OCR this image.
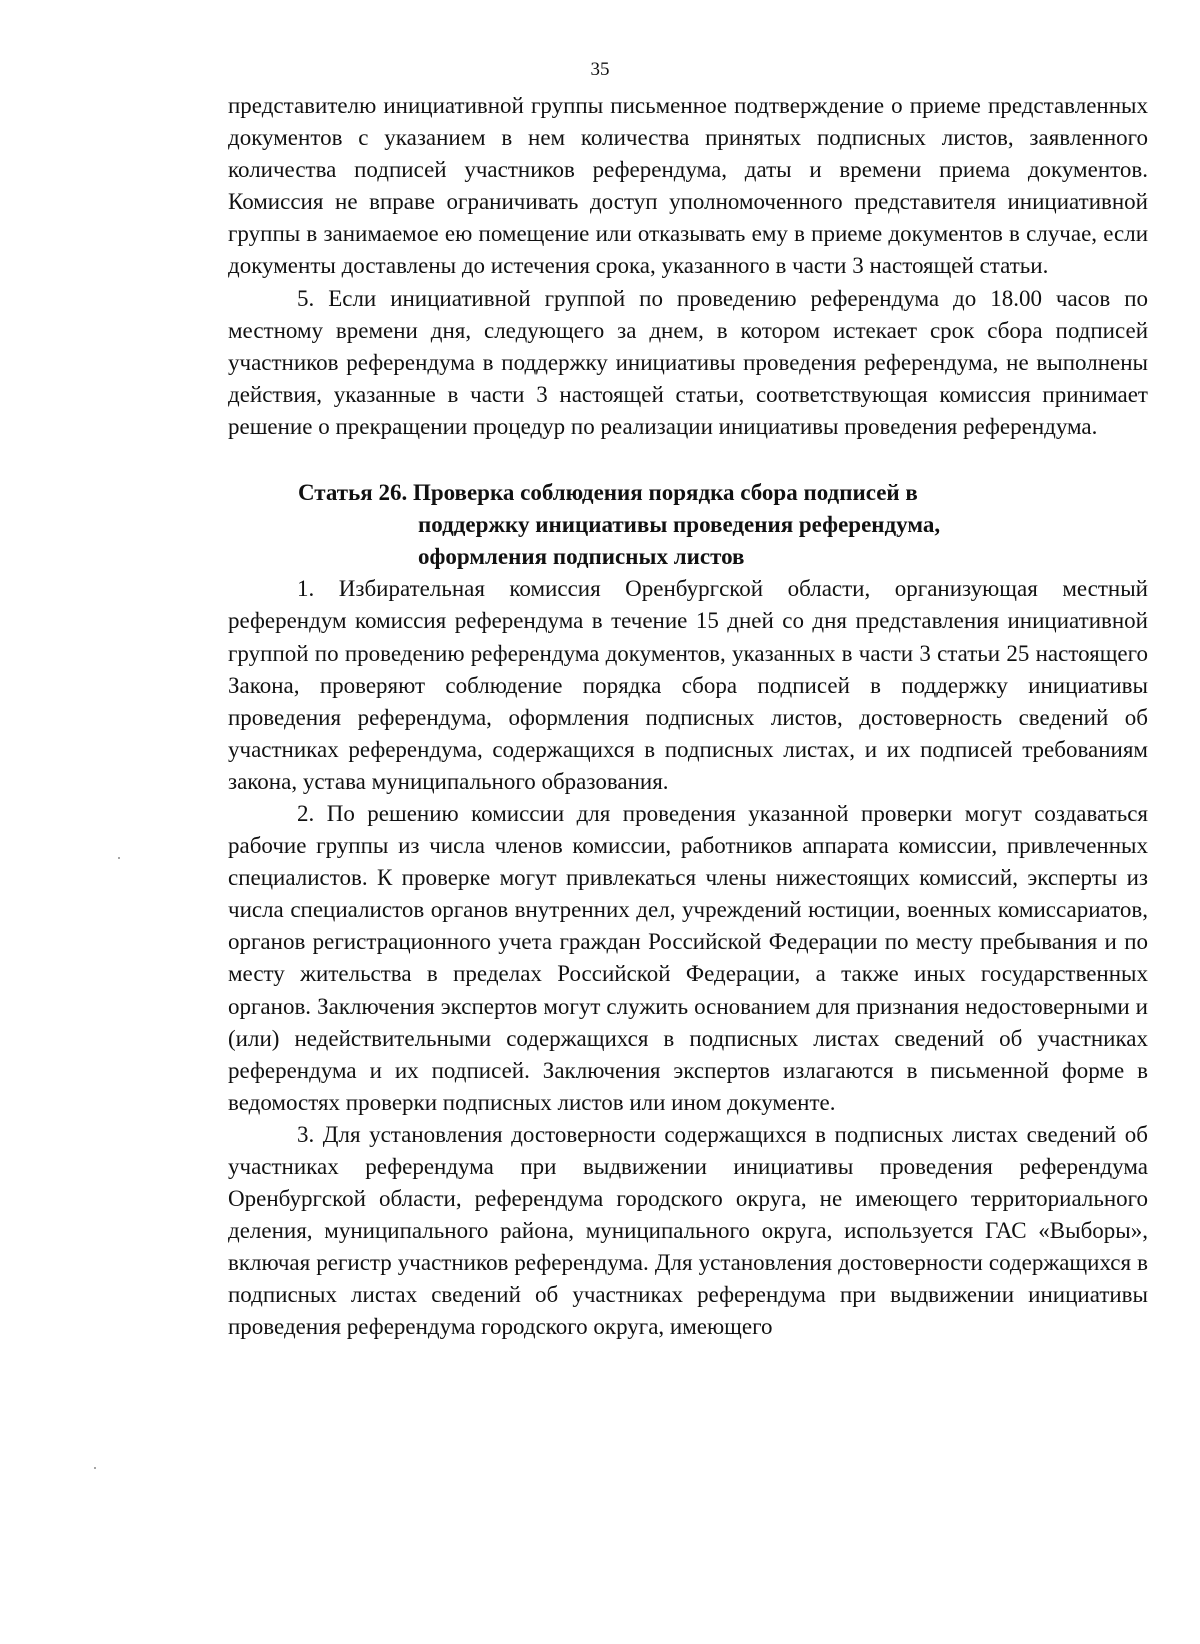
35

представителю инициативной группы письменное подтверждение о приеме представленных документов с указанием в нем количества принятых подписных листов, заявленного количества подписей участников референдума, даты и времени приема документов. Комиссия не вправе ограничивать доступ уполномоченного представителя инициативной группы в занимаемое ею помещение или отказывать ему в приеме документов в случае, если документы доставлены до истечения срока, указанного в части 3 настоящей статьи.

5. Если инициативной группой по проведению референдума до 18.00 часов по местному времени дня, следующего за днем, в котором истекает срок сбора подписей участников референдума в поддержку инициативы проведения референдума, не выполнены действия, указанные в части 3 настоящей статьи, соответствующая комиссия принимает решение о прекращении процедур по реализации инициативы проведения референдума.

Статья 26. Проверка соблюдения порядка сбора подписей в
поддержку инициативы проведения референдума,
оформления подписных листов

1. Избирательная комиссия Оренбургской области, организующая местный референдум комиссия референдума в течение 15 дней со дня представления инициативной группой по проведению референдума документов, указанных в части 3 статьи 25 настоящего Закона, проверяют соблюдение порядка сбора подписей в поддержку инициативы проведения референдума, оформления подписных листов, достоверность сведений об участниках референдума, содержащихся в подписных листах, и их подписей требованиям закона, устава муниципального образования.

2. По решению комиссии для проведения указанной проверки могут создаваться рабочие группы из числа членов комиссии, работников аппарата комиссии, привлеченных специалистов. К проверке могут привлекаться члены нижестоящих комиссий, эксперты из числа специалистов органов внутренних дел, учреждений юстиции, военных комиссариатов, органов регистрационного учета граждан Российской Федерации по месту пребывания и по месту жительства в пределах Российской Федерации, а также иных государственных органов. Заключения экспертов могут служить основанием для признания недостоверными и (или) недействительными содержащихся в подписных листах сведений об участниках референдума и их подписей. Заключения экспертов излагаются в письменной форме в ведомостях проверки подписных листов или ином документе.

3. Для установления достоверности содержащихся в подписных листах сведений об участниках референдума при выдвижении инициативы проведения референдума Оренбургской области, референдума городского округа, не имеющего территориального деления, муниципального района, муниципального округа, используется ГАС «Выборы», включая регистр участников референдума. Для установления достоверности содержащихся в подписных листах сведений об участниках референдума при выдвижении инициативы проведения референдума городского округа, имеющего
